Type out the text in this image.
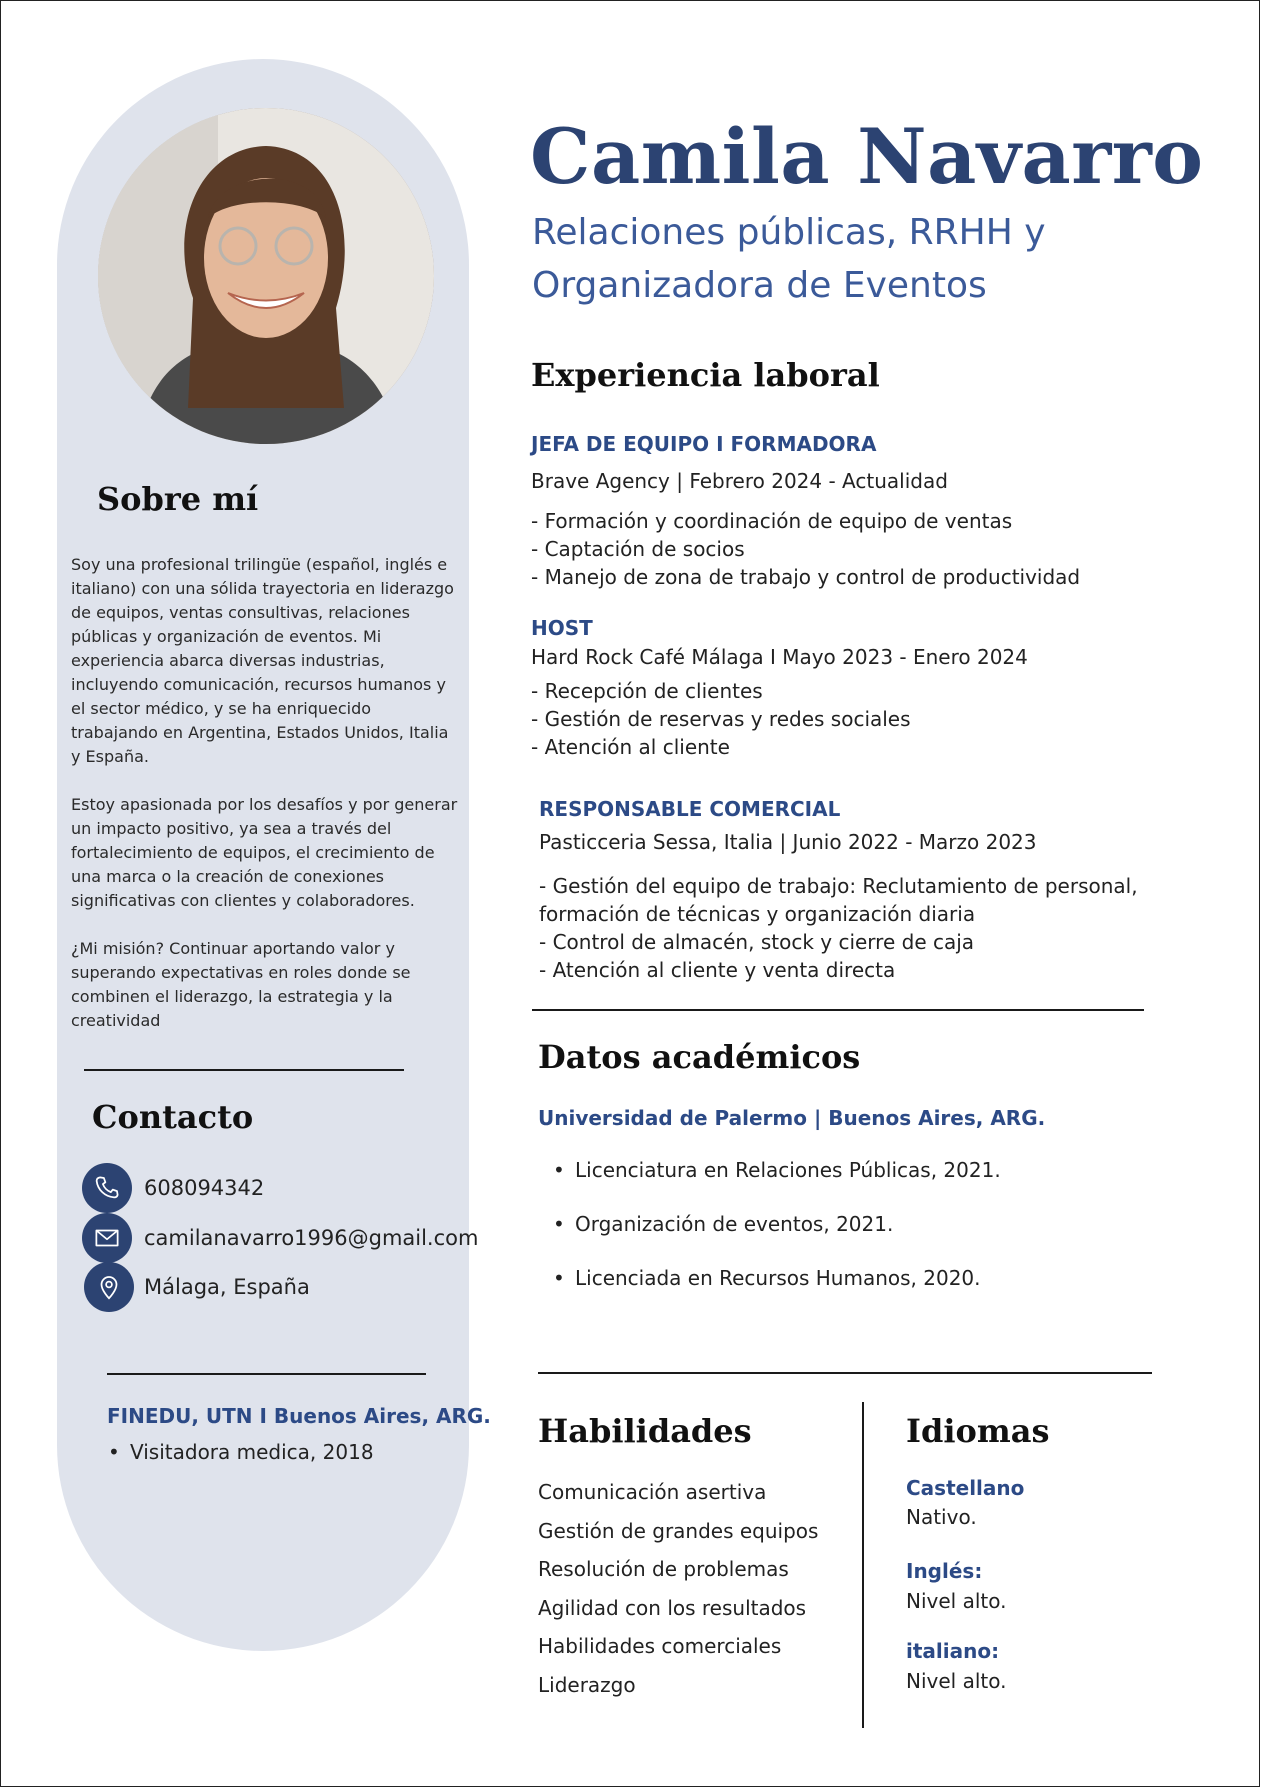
Sobre mí

Soy una profesional trilingüe (español, inglés e italiano) con una sólida trayectoria en liderazgo de equipos, ventas consultivas, relaciones públicas y organización de eventos. Mi experiencia abarca diversas industrias, incluyendo comunicación, recursos humanos y el sector médico, y se ha enriquecido trabajando en Argentina, Estados Unidos, Italia y España.

Estoy apasionada por los desafíos y por generar un impacto positivo, ya sea a través del fortalecimiento de equipos, el crecimiento de una marca o la creación de conexiones significativas con clientes y colaboradores.

¿Mi misión? Continuar aportando valor y superando expectativas en roles donde se combinen el liderazgo, la estrategia y la creatividad

Contacto
608094342
camilanavarro1996@gmail.com
Málaga, España
FINEDU, UTN I Buenos Aires, ARG.
• Visitadora medica, 2018
Camila Navarro
Relaciones públicas, RRHH y Organizadora de Eventos
Experiencia laboral
JEFA DE EQUIPO I FORMADORA
Brave Agency | Febrero 2024 - Actualidad
- Formación y coordinación de equipo de ventas
- Captación de socios
- Manejo de zona de trabajo y control de productividad
HOST
Hard Rock Café Málaga I Mayo 2023 - Enero 2024
- Recepción de clientes
- Gestión de reservas y redes sociales
- Atención al cliente
RESPONSABLE COMERCIAL
Pasticceria Sessa, Italia | Junio 2022 - Marzo 2023
- Gestión del equipo de trabajo: Reclutamiento de personal,
formación de técnicas y organización diaria
- Control de almacén, stock y cierre de caja
- Atención al cliente y venta directa
Datos académicos
Universidad de Palermo | Buenos Aires, ARG.
• Licenciatura en Relaciones Públicas, 2021.
• Organización de eventos, 2021.
• Licenciada en Recursos Humanos, 2020.
Habilidades
Comunicación asertiva
Gestión de grandes equipos
Resolución de problemas
Agilidad con los resultados
Habilidades comerciales
Liderazgo
Idiomas
Castellano
Nativo.
Inglés:
Nivel alto.
italiano:
Nivel alto.
